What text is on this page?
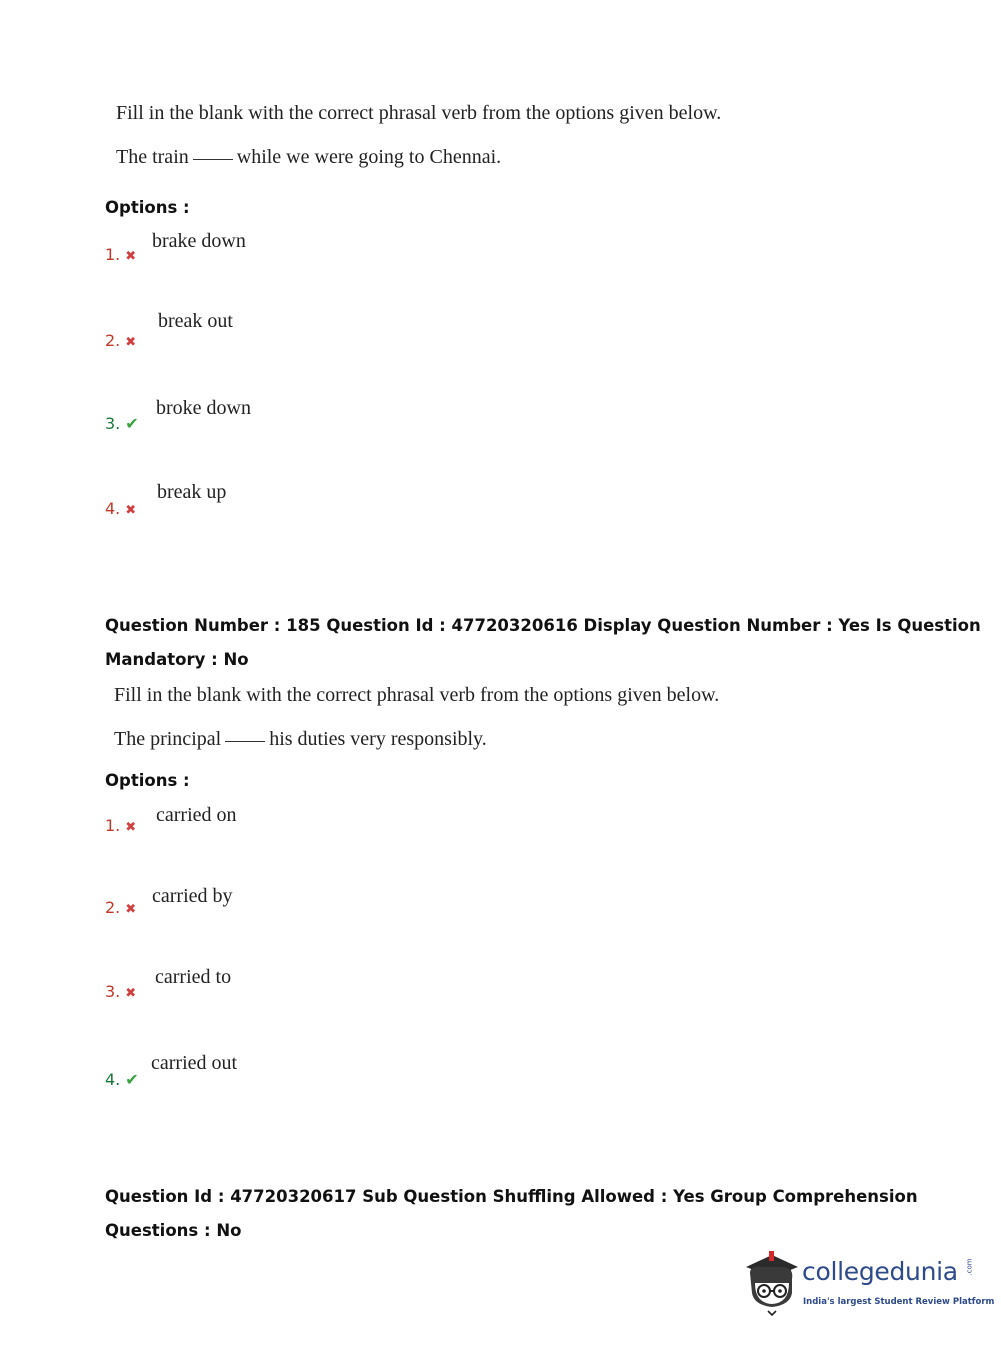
Fill in the blank with the correct phrasal verb from the options given below.
The train while we were going to Chennai.
Options :
1. ✖
brake down
2. ✖
break out
3. ✔
broke down
4. ✖
break up
Question Number : 185 Question Id : 47720320616 Display Question Number : Yes Is Question
Mandatory : No
Fill in the blank with the correct phrasal verb from the options given below.
The principal his duties very responsibly.
Options :
1. ✖
carried on
2. ✖
carried by
3. ✖
carried to
4. ✔
carried out
Question Id : 47720320617 Sub Question Shuffling Allowed : Yes Group Comprehension
Questions : No
collegedunia .com
India's largest Student Review Platform
